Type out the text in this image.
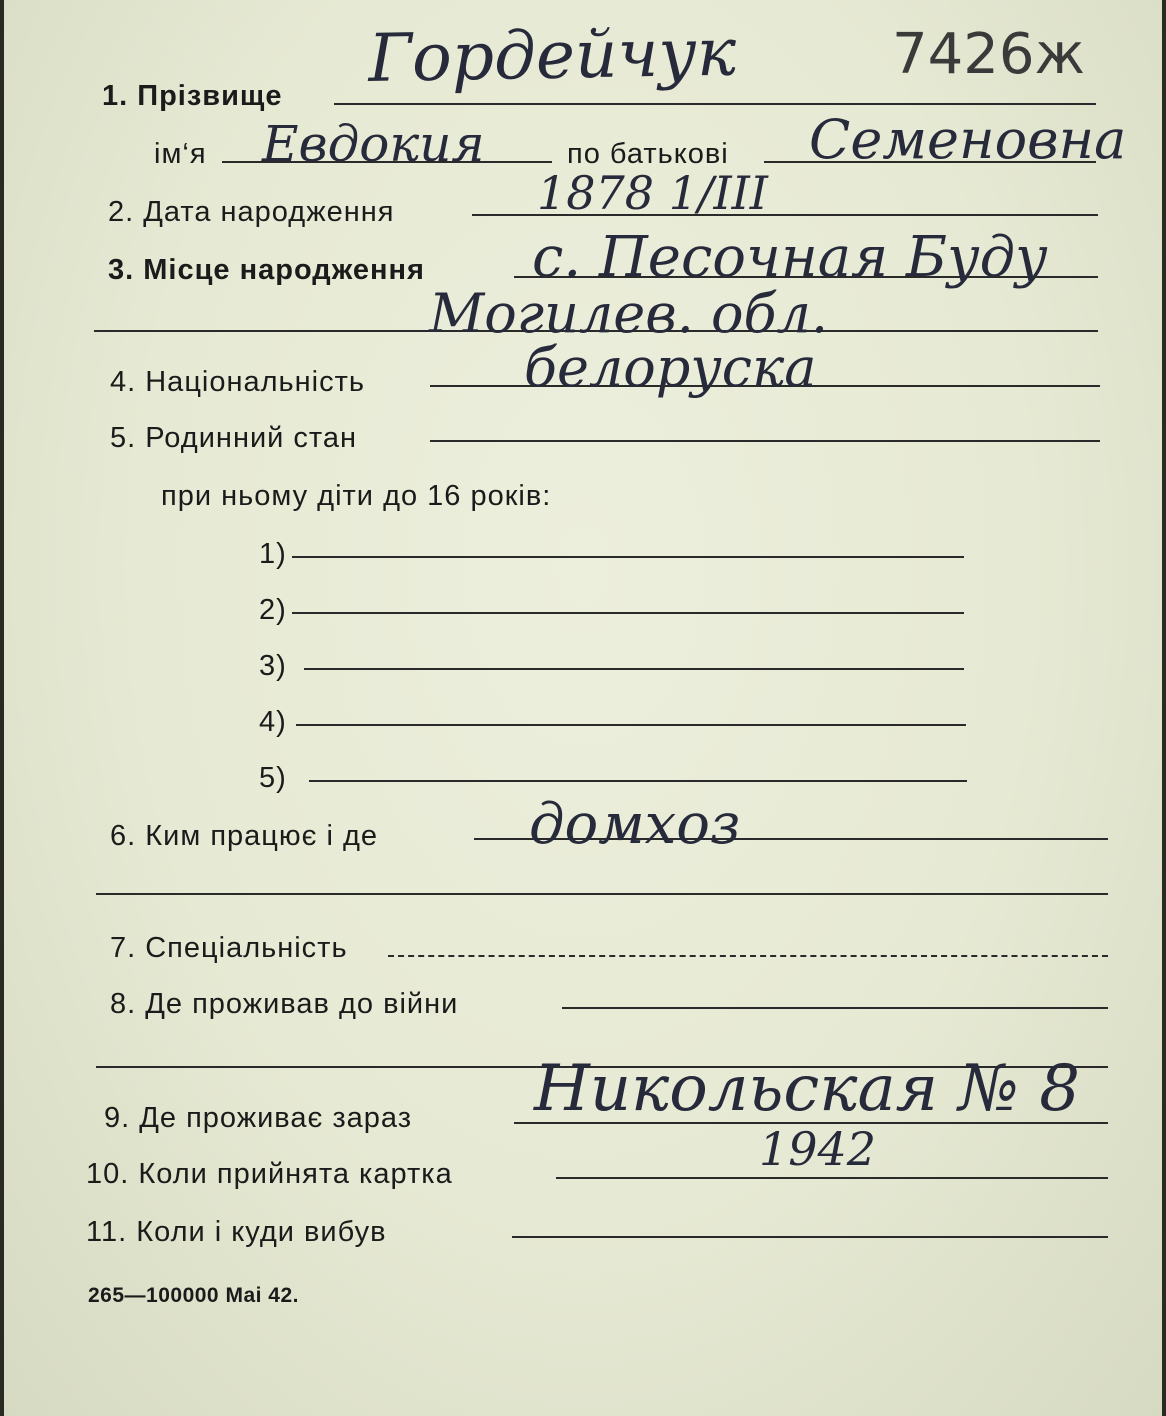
1. Прізвище Гордейчук	7426ж
ім‘я Евдокия	по батькові Семеновна
2. Дата народження	1878 1/III
3. Місце народження с. Песочная Буду
Могилев. обл.
4. Національність	белоруска
5. Родинний стан
при ньому діти до 16 років:
1)
2)
3)
4)
5)
6. Ким працює і де	домхоз
7. Спеціальність
8. Де проживав до війни
9. Де проживає зараз Никольская № 8
10. Коли прийнята картка	1942
11. Коли і куди вибув
265—100000 Mai 42.
